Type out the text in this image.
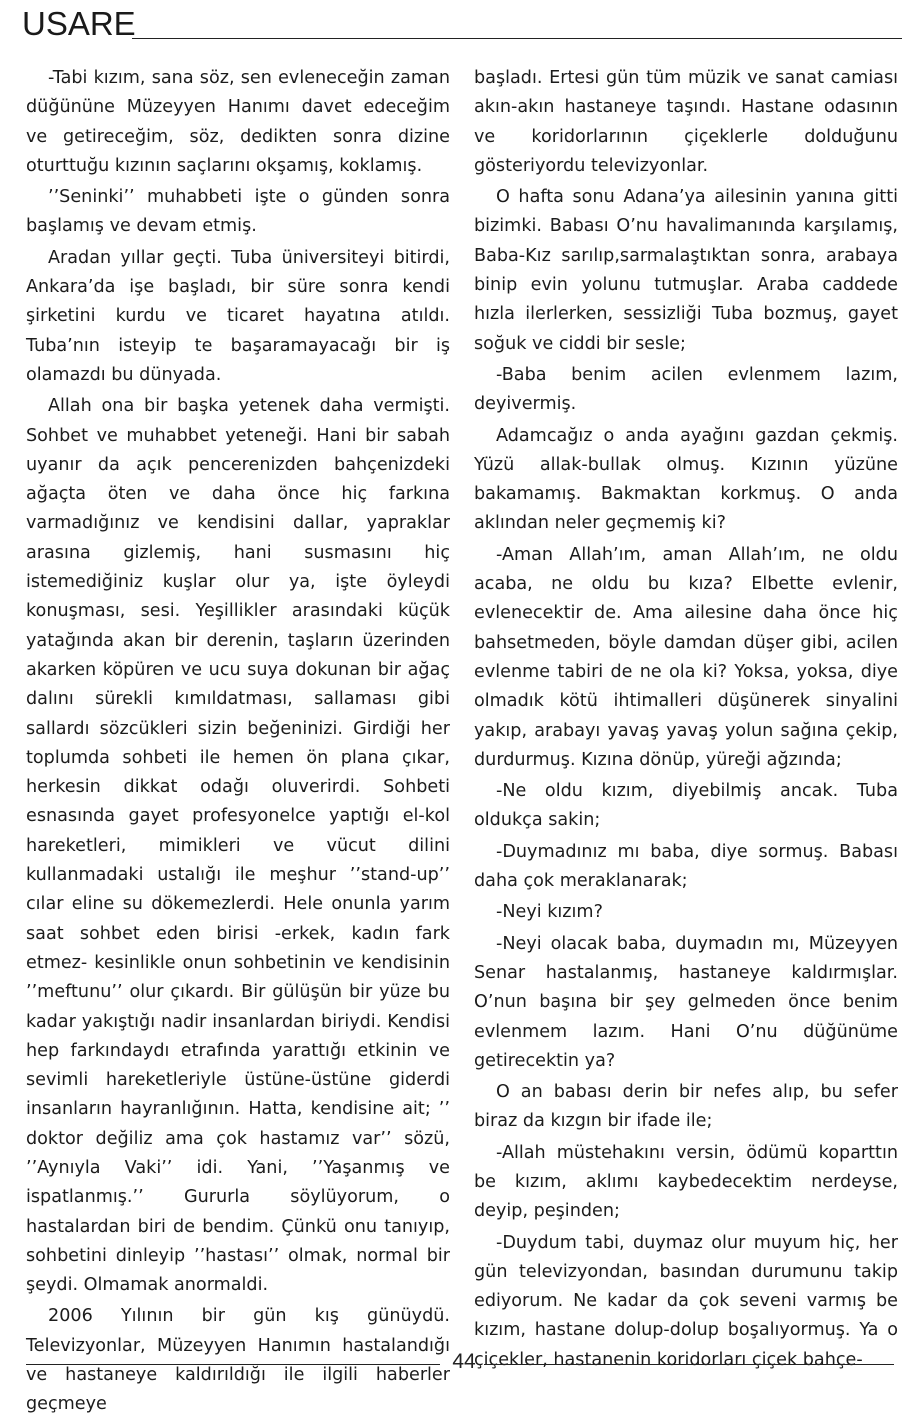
USARE

-Tabi kızım, sana söz, sen evleneceğin zaman düğününe Müzeyyen Hanımı davet edeceğim ve getireceğim, söz, dedikten sonra dizine oturttuğu kızının saçlarını okşamış, koklamış.

’’Seninki’’ muhabbeti işte o günden sonra başlamış ve devam etmiş.

Aradan yıllar geçti. Tuba üniversiteyi bitirdi, Ankara’da işe başladı, bir süre sonra kendi şirketini kurdu ve ticaret hayatına atıldı. Tuba’nın isteyip te başaramayacağı bir iş olamazdı bu dünyada.

Allah ona bir başka yetenek daha vermişti. Sohbet ve muhabbet yeteneği. Hani bir sabah uyanır da açık pencerenizden bahçenizdeki ağaçta öten ve daha önce hiç farkına varmadığınız ve kendisini dallar, yapraklar arasına gizlemiş, hani susmasını hiç istemediğiniz kuşlar olur ya, işte öyleydi konuşması, sesi. Yeşillikler arasındaki küçük yatağında akan bir derenin, taşların üzerinden akarken köpüren ve ucu suya dokunan bir ağaç dalını sürekli kımıldatması, sallaması gibi sallardı sözcükleri sizin beğeninizi. Girdiği her toplumda sohbeti ile hemen ön plana çıkar, herkesin dikkat odağı oluverirdi. Sohbeti esnasında gayet profesyonelce yaptığı el-kol hareketleri, mimikleri ve vücut dilini kullanmadaki ustalığı ile meşhur ’’stand-up’’ cılar eline su dökemezlerdi. Hele onunla yarım saat sohbet eden birisi -erkek, kadın fark etmez- kesinlikle onun sohbetinin ve kendisinin ’’meftunu’’ olur çıkardı. Bir gülüşün bir yüze bu kadar yakıştığı nadir insanlardan biriydi. Kendisi hep farkındaydı etrafında yarattığı etkinin ve sevimli hareketleriyle üstüne-üstüne giderdi insanların hayranlığının. Hatta, kendisine ait; ’’ doktor değiliz ama çok hastamız var’’ sözü, ’’Aynıyla Vaki’’ idi. Yani, ’’Yaşanmış ve ispatlanmış.’’ Gururla söylüyorum, o hastalardan biri de bendim. Çünkü onu tanıyıp, sohbetini dinleyip ’’hastası’’ olmak, normal bir şeydi. Olmamak anormaldi.

2006 Yılının bir gün kış günüydü. Televizyonlar, Müzeyyen Hanımın hastalandığı ve hastaneye kaldırıldığı ile ilgili haberler geçmeye

başladı. Ertesi gün tüm müzik ve sanat camiası akın-akın hastaneye taşındı. Hastane odasının ve koridorlarının çiçeklerle dolduğunu gösteriyordu televizyonlar.

O hafta sonu Adana’ya ailesinin yanına gitti bizimki. Babası O’nu havalimanında karşılamış, Baba-Kız sarılıp,sarmalaştıktan sonra, arabaya binip evin yolunu tutmuşlar. Araba caddede hızla ilerlerken, sessizliği Tuba bozmuş, gayet soğuk ve ciddi bir sesle;

-Baba benim acilen evlenmem lazım, deyivermiş.

Adamcağız o anda ayağını gazdan çekmiş. Yüzü allak-bullak olmuş. Kızının yüzüne bakamamış. Bakmaktan korkmuş. O anda aklından neler geçmemiş ki?

-Aman Allah’ım, aman Allah’ım, ne oldu acaba, ne oldu bu kıza? Elbette evlenir, evlenecektir de. Ama ailesine daha önce hiç bahsetmeden, böyle damdan düşer gibi, acilen evlenme tabiri de ne ola ki? Yoksa, yoksa, diye olmadık kötü ihtimalleri düşünerek sinyalini yakıp, arabayı yavaş yavaş yolun sağına çekip, durdurmuş. Kızına dönüp, yüreği ağzında;

-Ne oldu kızım, diyebilmiş ancak. Tuba oldukça sakin;

-Duymadınız mı baba, diye sormuş. Babası daha çok meraklanarak;

-Neyi kızım?

-Neyi olacak baba, duymadın mı, Müzeyyen Senar hastalanmış, hastaneye kaldırmışlar. O’nun başına bir şey gelmeden önce benim evlenmem lazım. Hani O’nu düğünüme getirecektin ya?

O an babası derin bir nefes alıp, bu sefer biraz da kızgın bir ifade ile;

-Allah müstehakını versin, ödümü koparttın be kızım, aklımı kaybedecektim nerdeyse, deyip, peşinden;

-Duydum tabi, duymaz olur muyum hiç, her gün televizyondan, basından durumunu takip ediyorum. Ne kadar da çok seveni varmış be kızım, hastane dolup-dolup boşalıyormuş. Ya o çiçekler, hastanenin koridorları çiçek bahçe-

44
